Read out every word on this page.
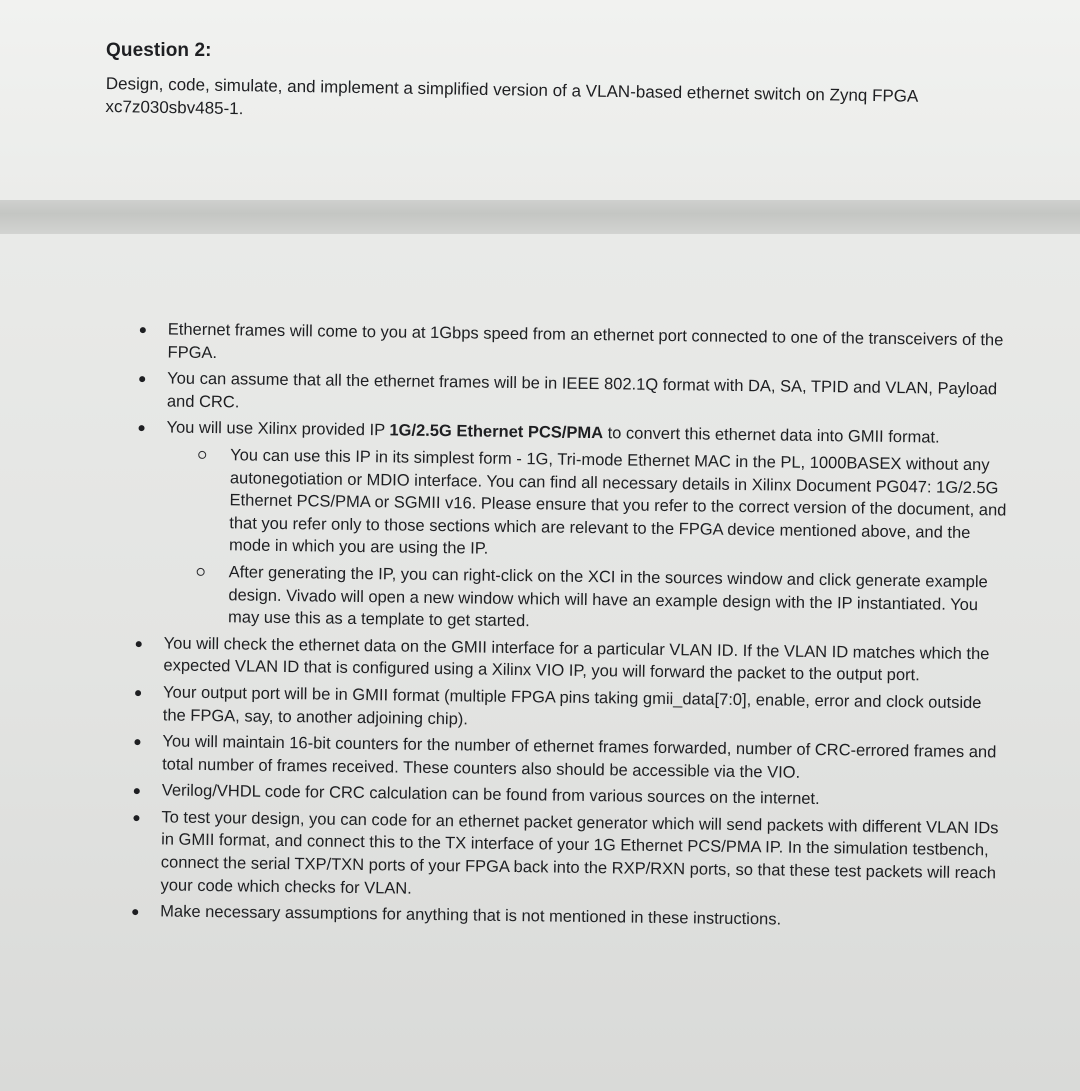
Question 2:
Design, code, simulate, and implement a simplified version of a VLAN-based ethernet switch on Zynq FPGA xc7z030sbv485-1.
Ethernet frames will come to you at 1Gbps speed from an ethernet port connected to one of the transceivers of the FPGA.
You can assume that all the ethernet frames will be in IEEE 802.1Q format with DA, SA, TPID and VLAN, Payload and CRC.
You will use Xilinx provided IP 1G/2.5G Ethernet PCS/PMA to convert this ethernet data into GMII format.
You can use this IP in its simplest form - 1G, Tri-mode Ethernet MAC in the PL, 1000BASEX without any autonegotiation or MDIO interface. You can find all necessary details in Xilinx Document PG047: 1G/2.5G Ethernet PCS/PMA or SGMII v16. Please ensure that you refer to the correct version of the document, and that you refer only to those sections which are relevant to the FPGA device mentioned above, and the mode in which you are using the IP.
After generating the IP, you can right-click on the XCI in the sources window and click generate example design. Vivado will open a new window which will have an example design with the IP instantiated. You may use this as a template to get started.
You will check the ethernet data on the GMII interface for a particular VLAN ID. If the VLAN ID matches which the expected VLAN ID that is configured using a Xilinx VIO IP, you will forward the packet to the output port.
Your output port will be in GMII format (multiple FPGA pins taking gmii_data[7:0], enable, error and clock outside the FPGA, say, to another adjoining chip).
You will maintain 16-bit counters for the number of ethernet frames forwarded, number of CRC-errored frames and total number of frames received. These counters also should be accessible via the VIO.
Verilog/VHDL code for CRC calculation can be found from various sources on the internet.
To test your design, you can code for an ethernet packet generator which will send packets with different VLAN IDs in GMII format, and connect this to the TX interface of your 1G Ethernet PCS/PMA IP. In the simulation testbench, connect the serial TXP/TXN ports of your FPGA back into the RXP/RXN ports, so that these test packets will reach your code which checks for VLAN.
Make necessary assumptions for anything that is not mentioned in these instructions.
